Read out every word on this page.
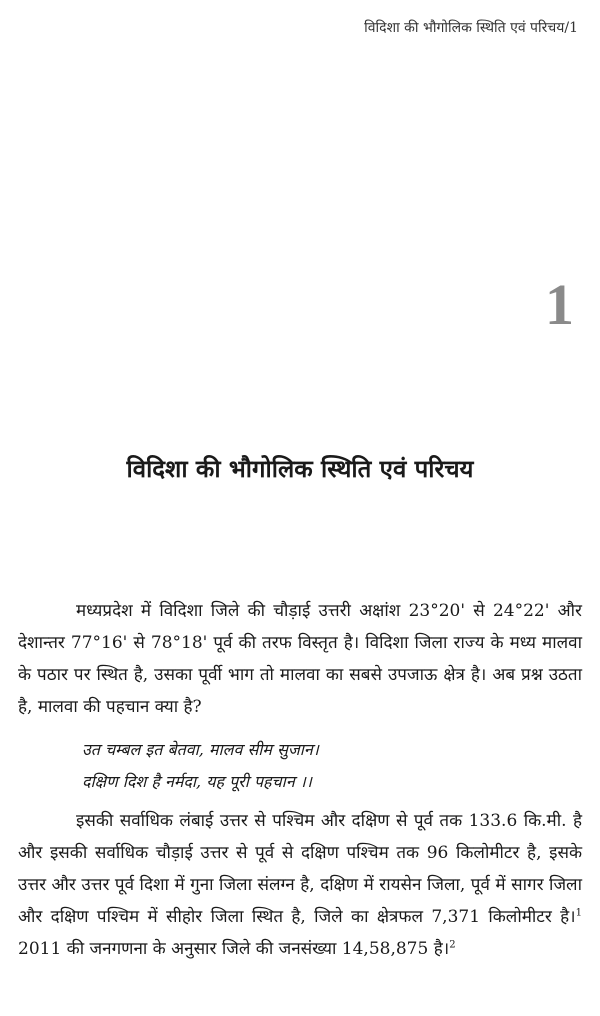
विदिशा की भौगोलिक स्थिति एवं परिचय/1
1
विदिशा की भौगोलिक स्थिति एवं परिचय
मध्यप्रदेश में विदिशा जिले की चौड़ाई उत्तरी अक्षांश 23°20' से 24°22' और देशान्तर 77°16' से 78°18' पूर्व की तरफ विस्तृत है। विदिशा जिला राज्य के मध्य मालवा के पठार पर स्थित है, उसका पूर्वी भाग तो मालवा का सबसे उपजाऊ क्षेत्र है। अब प्रश्न उठता है, मालवा की पहचान क्या है?
उत चम्बल इत बेतवा, मालव सीम सुजान।
दक्षिण दिश है नर्मदा, यह पूरी पहचान ।।
इसकी सर्वाधिक लंबाई उत्तर से पश्चिम और दक्षिण से पूर्व तक 133.6 कि.मी. है और इसकी सर्वाधिक चौड़ाई उत्तर से पूर्व से दक्षिण पश्चिम तक 96 किलोमीटर है, इसके उत्तर और उत्तर पूर्व दिशा में गुना जिला संलग्न है, दक्षिण में रायसेन जिला, पूर्व में सागर जिला और दक्षिण पश्चिम में सीहोर जिला स्थित है, जिले का क्षेत्रफल 7,371 किलोमीटर है।$^1$ 2011 की जनगणना के अनुसार जिले की जनसंख्या 14,58,875 है।$^2$
